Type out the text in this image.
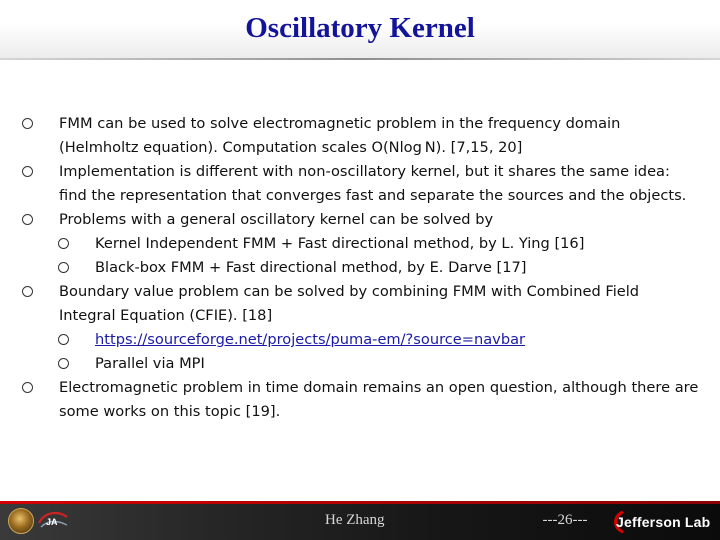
Oscillatory Kernel
FMM can be used to solve electromagnetic problem in the frequency domain (Helmholtz equation). Computation scales O(Nlog N). [7,15, 20]
Implementation is different with non-oscillatory kernel, but it shares the same idea: find the representation that converges fast and separate the sources and the objects.
Problems with a general oscillatory kernel can be solved by
Kernel Independent FMM + Fast directional method, by L. Ying [16]
Black-box FMM + Fast directional method, by E. Darve [17]
Boundary value problem can be solved by combining FMM with Combined Field Integral Equation (CFIE). [18]
https://sourceforge.net/projects/puma-em/?source=navbar
Parallel via MPI
Electromagnetic problem in time domain remains an open question, although there are some works on this topic [19].
JA	He Zhang	---26---	Jefferson Lab
